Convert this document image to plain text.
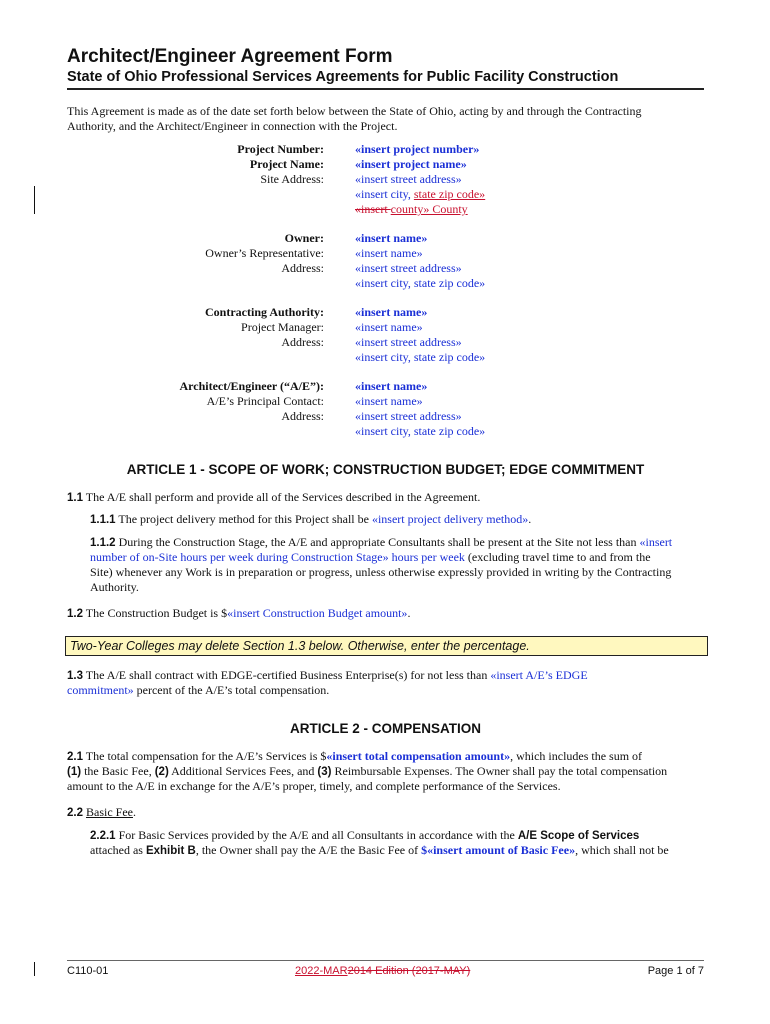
Architect/Engineer Agreement Form
State of Ohio Professional Services Agreements for Public Facility Construction
This Agreement is made as of the date set forth below between the State of Ohio, acting by and through the Contracting
Authority, and the Architect/Engineer in connection with the Project.
Project Number:
Project Name:
Site Address:
«insert project number»
«insert project name»
«insert street address»
«insert city, state zip code»
«insert county» County
Owner:
Owner’s Representative:
Address:
«insert name»
«insert name»
«insert street address»
«insert city, state zip code»
Contracting Authority:
Project Manager:
Address:
«insert name»
«insert name»
«insert street address»
«insert city, state zip code»
Architect/Engineer (“A/E”):
A/E’s Principal Contact:
Address:
«insert name»
«insert name»
«insert street address»
«insert city, state zip code»
ARTICLE 1 - SCOPE OF WORK; CONSTRUCTION BUDGET; EDGE COMMITMENT
1.1 The A/E shall perform and provide all of the Services described in the Agreement.
1.1.1 The project delivery method for this Project shall be «insert project delivery method».
1.1.2 During the Construction Stage, the A/E and appropriate Consultants shall be present at the Site not less than «insert
number of on-Site hours per week during Construction Stage» hours per week (excluding travel time to and from the
Site) whenever any Work is in preparation or progress, unless otherwise expressly provided in writing by the Contracting
Authority.
1.2 The Construction Budget is $«insert Construction Budget amount».
Two-Year Colleges may delete Section 1.3 below. Otherwise, enter the percentage.
1.3 The A/E shall contract with EDGE-certified Business Enterprise(s) for not less than «insert A/E’s EDGE
commitment» percent of the A/E’s total compensation.
ARTICLE 2 - COMPENSATION
2.1 The total compensation for the A/E’s Services is $«insert total compensation amount», which includes the sum of
(1) the Basic Fee, (2) Additional Services Fees, and (3) Reimbursable Expenses. The Owner shall pay the total compensation
amount to the A/E in exchange for the A/E’s proper, timely, and complete performance of the Services.
2.2 Basic Fee.
2.2.1 For Basic Services provided by the A/E and all Consultants in accordance with the A/E Scope of Services
attached as Exhibit B, the Owner shall pay the A/E the Basic Fee of $«insert amount of Basic Fee», which shall not be
C110-01	2022-MAR2014 Edition (2017-MAY)	Page 1 of 7
